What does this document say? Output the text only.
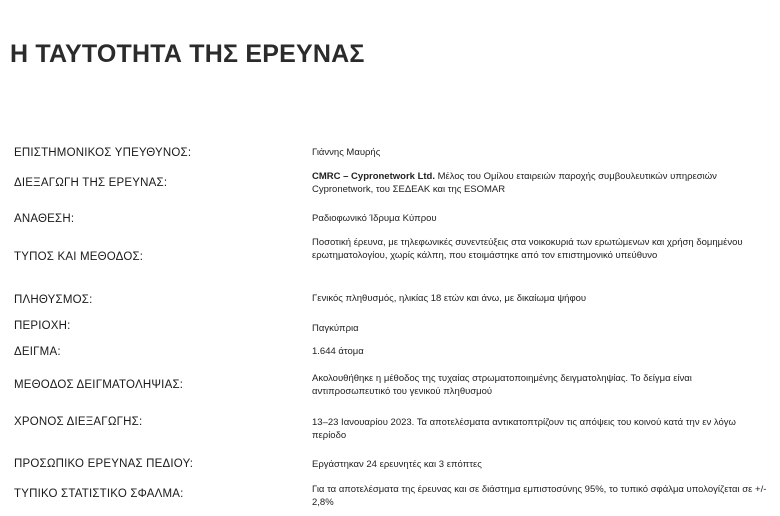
Η ΤΑΥΤΟΤΗΤΑ ΤΗΣ ΕΡΕΥΝΑΣ
ΕΠΙΣΤΗΜΟΝΙΚΟΣ ΥΠΕΥΘΥΝΟΣ:	Γιάννης Μαυρής
ΔΙΕΞΑΓΩΓΗ ΤΗΣ ΕΡΕΥΝΑΣ:
CMRC – Cypronetwork Ltd. Μέλος του Ομίλου εταιρειών παροχής συμβουλευτικών υπηρεσιών Cypronetwork, του ΣΕΔΕΑΚ και της ESOMAR
ΑΝΑΘΕΣΗ:	Ραδιοφωνικό Ίδρυμα Κύπρου
ΤΥΠΟΣ ΚΑΙ ΜΕΘΟΔΟΣ:
Ποσοτική έρευνα, με τηλεφωνικές συνεντεύξεις στα νοικοκυριά των ερωτώμενων και χρήση δομημένου ερωτηματολογίου, χωρίς κάλπη, που ετοιμάστηκε από τον επιστημονικό υπεύθυνο
ΠΛΗΘΥΣΜΟΣ:	Γενικός πληθυσμός, ηλικίας 18 ετών και άνω, με δικαίωμα ψήφου
ΠΕΡΙΟΧΗ:	Παγκύπρια
ΔΕΙΓΜΑ:	1.644 άτομα
ΜΕΘΟΔΟΣ ΔΕΙΓΜΑΤΟΛΗΨΙΑΣ:
Ακολουθήθηκε η μέθοδος της τυχαίας στρωματοποιημένης δειγματοληψίας. Το δείγμα είναι αντιπροσωπευτικό του γενικού πληθυσμού
ΧΡΟΝΟΣ ΔΙΕΞΑΓΩΓΗΣ:	13–23 Ιανουαρίου 2023. Τα αποτελέσματα αντικατοπτρίζουν τις απόψεις του κοινού κατά την εν λόγω περίοδο
ΠΡΟΣΩΠΙΚΟ ΕΡΕΥΝΑΣ ΠΕΔΙΟΥ:	Εργάστηκαν 24 ερευνητές και 3 επόπτες
ΤΥΠΙΚΟ ΣΤΑΤΙΣΤΙΚΟ ΣΦΑΛΜΑ:	Για τα αποτελέσματα της έρευνας και σε διάστημα εμπιστοσύνης 95%, το τυπικό σφάλμα υπολογίζεται σε +/- 2,8%
